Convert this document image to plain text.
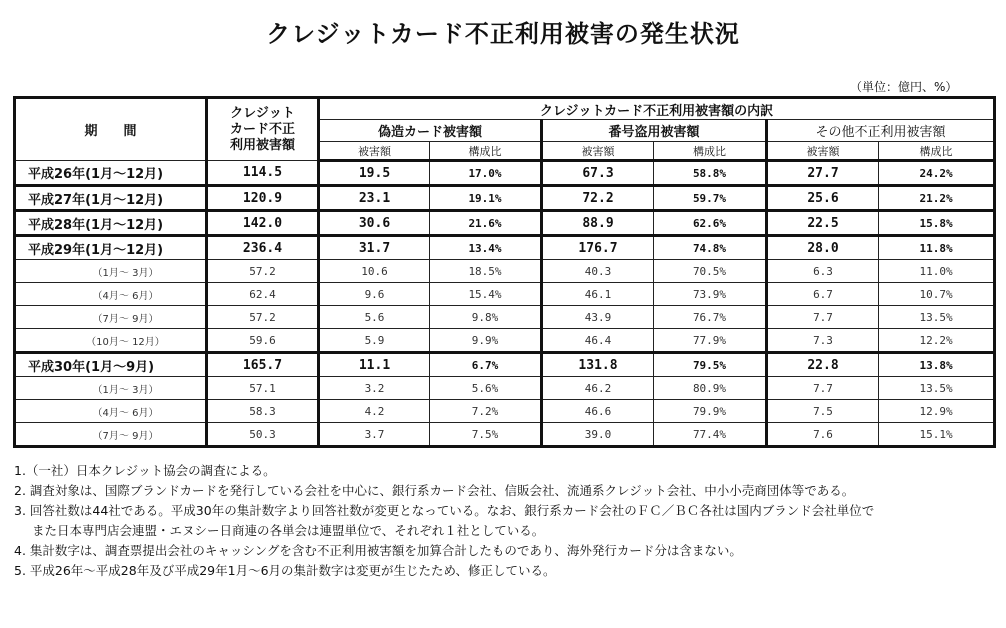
クレジットカード不正利用被害の発生状況
（単位：億円、%）
期　　間	クレジット
カード不正
利用被害額	クレジットカード不正利用被害額の内訳					
		偽造カード被害額		番号盗用被害額		その他不正利用被害額	
		被害額	構成比	被害額	構成比	被害額	構成比
平成26年(1月～12月)	114.5	19.5	17.0%	67.3	58.8%	27.7	24.2%
平成27年(1月～12月)	120.9	23.1	19.1%	72.2	59.7%	25.6	21.2%
平成28年(1月～12月)	142.0	30.6	21.6%	88.9	62.6%	22.5	15.8%
平成29年(1月～12月)	236.4	31.7	13.4%	176.7	74.8%	28.0	11.8%
（1月～ 3月）	57.2	10.6	18.5%	40.3	70.5%	6.3	11.0%
（4月～ 6月）	62.4	9.6	15.4%	46.1	73.9%	6.7	10.7%
（7月～ 9月）	57.2	5.6	9.8%	43.9	76.7%	7.7	13.5%
（10月～ 12月）	59.6	5.9	9.9%	46.4	77.9%	7.3	12.2%
平成30年(1月～9月)	165.7	11.1	6.7%	131.8	79.5%	22.8	13.8%
（1月～ 3月）	57.1	3.2	5.6%	46.2	80.9%	7.7	13.5%
（4月～ 6月）	58.3	4.2	7.2%	46.6	79.9%	7.5	12.9%
（7月～ 9月）	50.3	3.7	7.5%	39.0	77.4%	7.6	15.1%
1.（一社）日本クレジット協会の調査による。
2. 調査対象は、国際ブランドカードを発行している会社を中心に、銀行系カード会社、信販会社、流通系クレジット会社、中小小売商団体等である。
3. 回答社数は44社である。平成30年の集計数字より回答社数が変更となっている。なお、銀行系カード会社のＦＣ／ＢＣ各社は国内ブランド会社単位で
また日本専門店会連盟・エヌシー日商連の各単会は連盟単位で、それぞれ１社としている。
4. 集計数字は、調査票提出会社のキャッシングを含む不正利用被害額を加算合計したものであり、海外発行カード分は含まない。
5. 平成26年～平成28年及び平成29年1月～6月の集計数字は変更が生じたため、修正している。
